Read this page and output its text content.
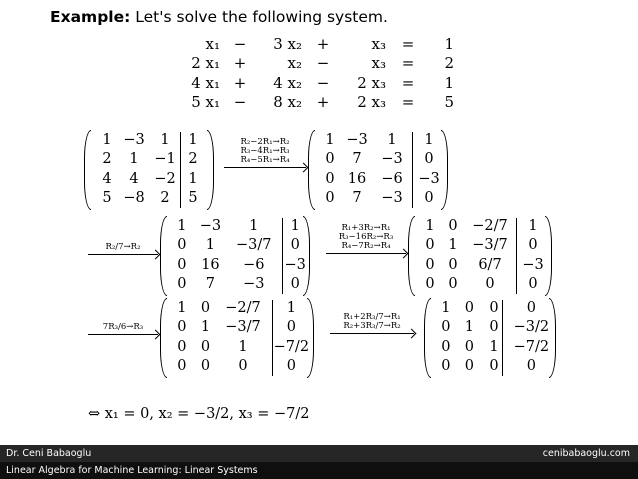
Example: Let's solve the following system.
x₁ −	3 x₂ +	x₃	=	1
2 x₁ +	x₂ −	x₃	=	2
4 x₁ +	4 x₂ −	2 x₃	=	1
5 x₁ −	8 x₂ +	2 x₃	=	5
1 −3	1	1
2	1	−1 2
4	4	−2 1
5 −8	2	5
R₂−2R₁→R₂
R₃−4R₁→R₃
R₄−5R₁→R₄
1 −3	1	1
0	7	−3	0
0 16	−6	−3
0	7	−3	0
R₂/7→R₂
1 −3	1	1
0	1	−3/7	0
0	16	−6	−3
0	7	−3	0
R₁+3R₂→R₁
R₃−16R₂→R₃
R₄−7R₂→R₄
1 0	−2/7	1
0 1	−3/7	0
0 0	6/7	−3
0 0	0	0
7R₃/6→R₃
1 0	−2/7	1
0 1	−3/7	0
0 0	1	−7/2
0 0	0	0
R₁+2R₃/7→R₁
R₂+3R₃/7→R₂
1 0	0	0
0 1	0	−3/2
0 0	1	−7/2
0 0	0	0
⇔ x₁ = 0, x₂ = −3/2, x₃ = −7/2
Dr. Ceni Babaoglu	cenibabaoglu.com
Linear Algebra for Machine Learning: Linear Systems
